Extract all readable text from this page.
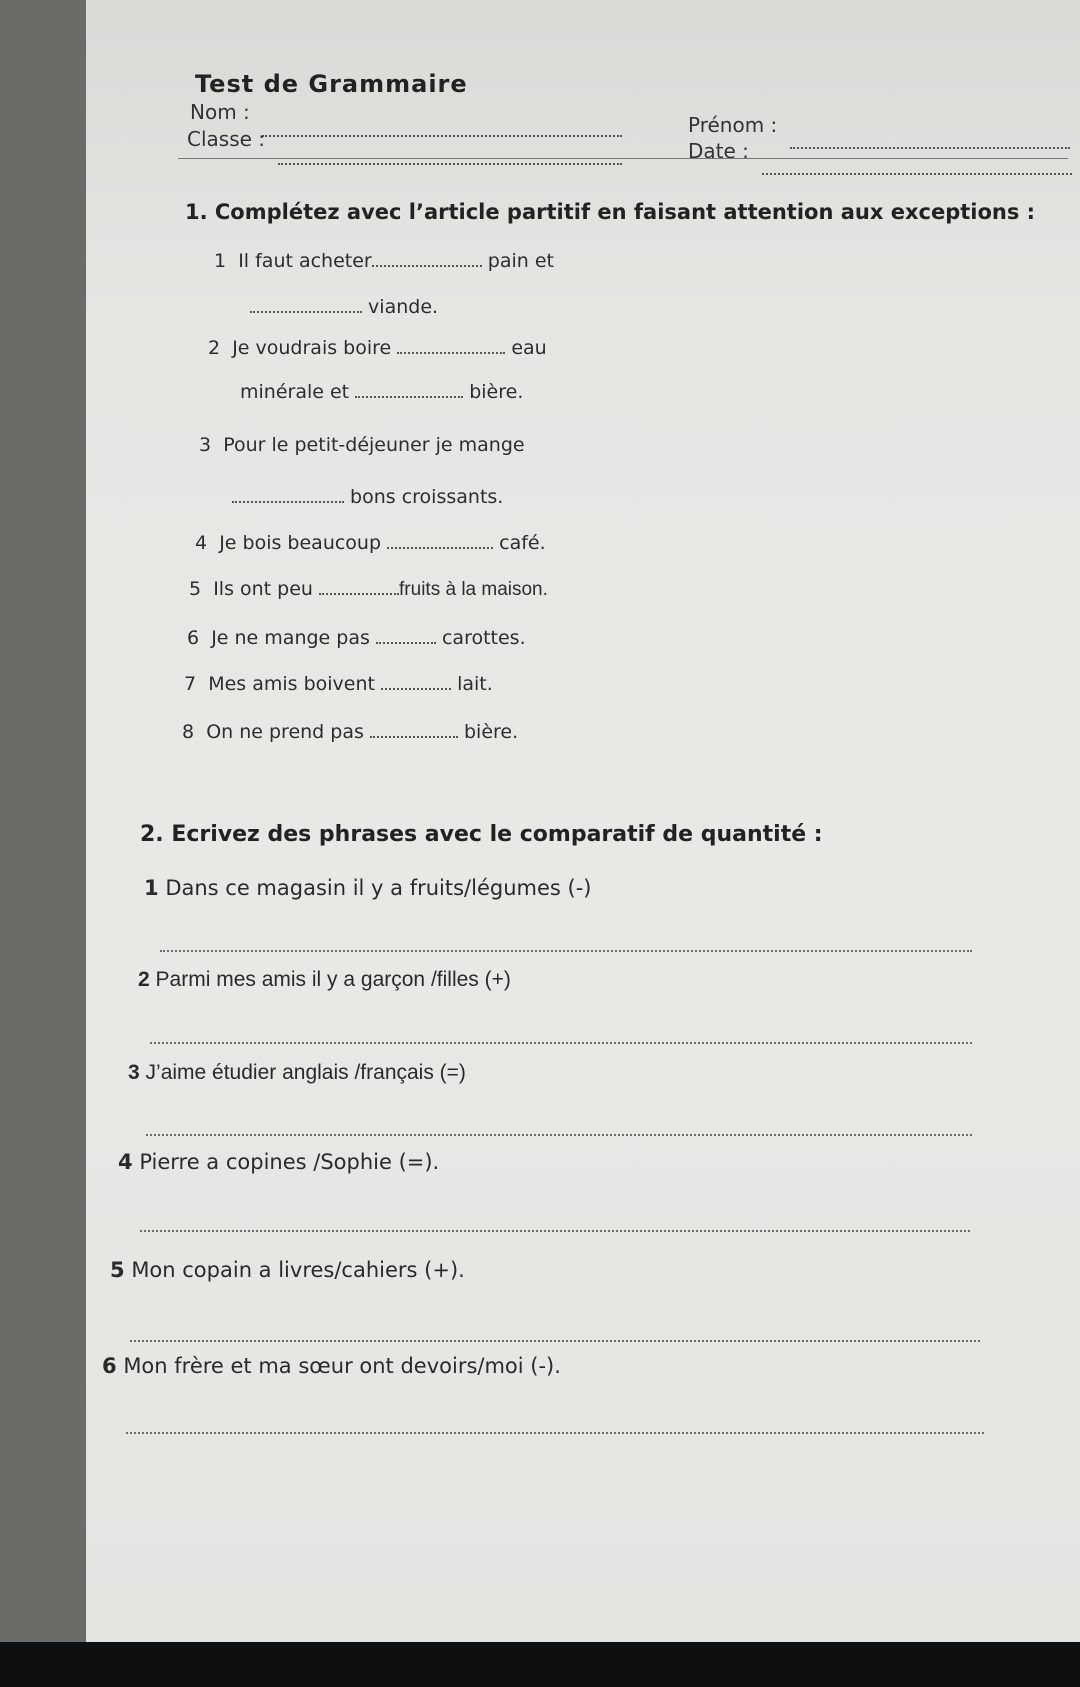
Test de Grammaire
Nom :
Prénom :
Classe :	Date :
1. Complétez avec l’article partitif en faisant attention aux exceptions :
1 Il faut acheter	pain et
viande.
2 Je voudrais boire	eau
minérale et	bière.
3 Pour le petit-déjeuner je mange
bons croissants.
4 Je bois beaucoup	café.
5 Ils ont peu	fruits à la maison.
6 Je ne mange pas	carottes.
7 Mes amis boivent	lait.
8 On ne prend pas	bière.
2. Ecrivez des phrases avec le comparatif de quantité :
1 Dans ce magasin il y a fruits/légumes (-)
2 Parmi mes amis il y a garçon /filles (+)
3 J’aime étudier anglais /français (=)
4 Pierre a copines /Sophie (=).
5 Mon copain a livres/cahiers (+).
6 Mon frère et ma sœur ont devoirs/moi (-).
